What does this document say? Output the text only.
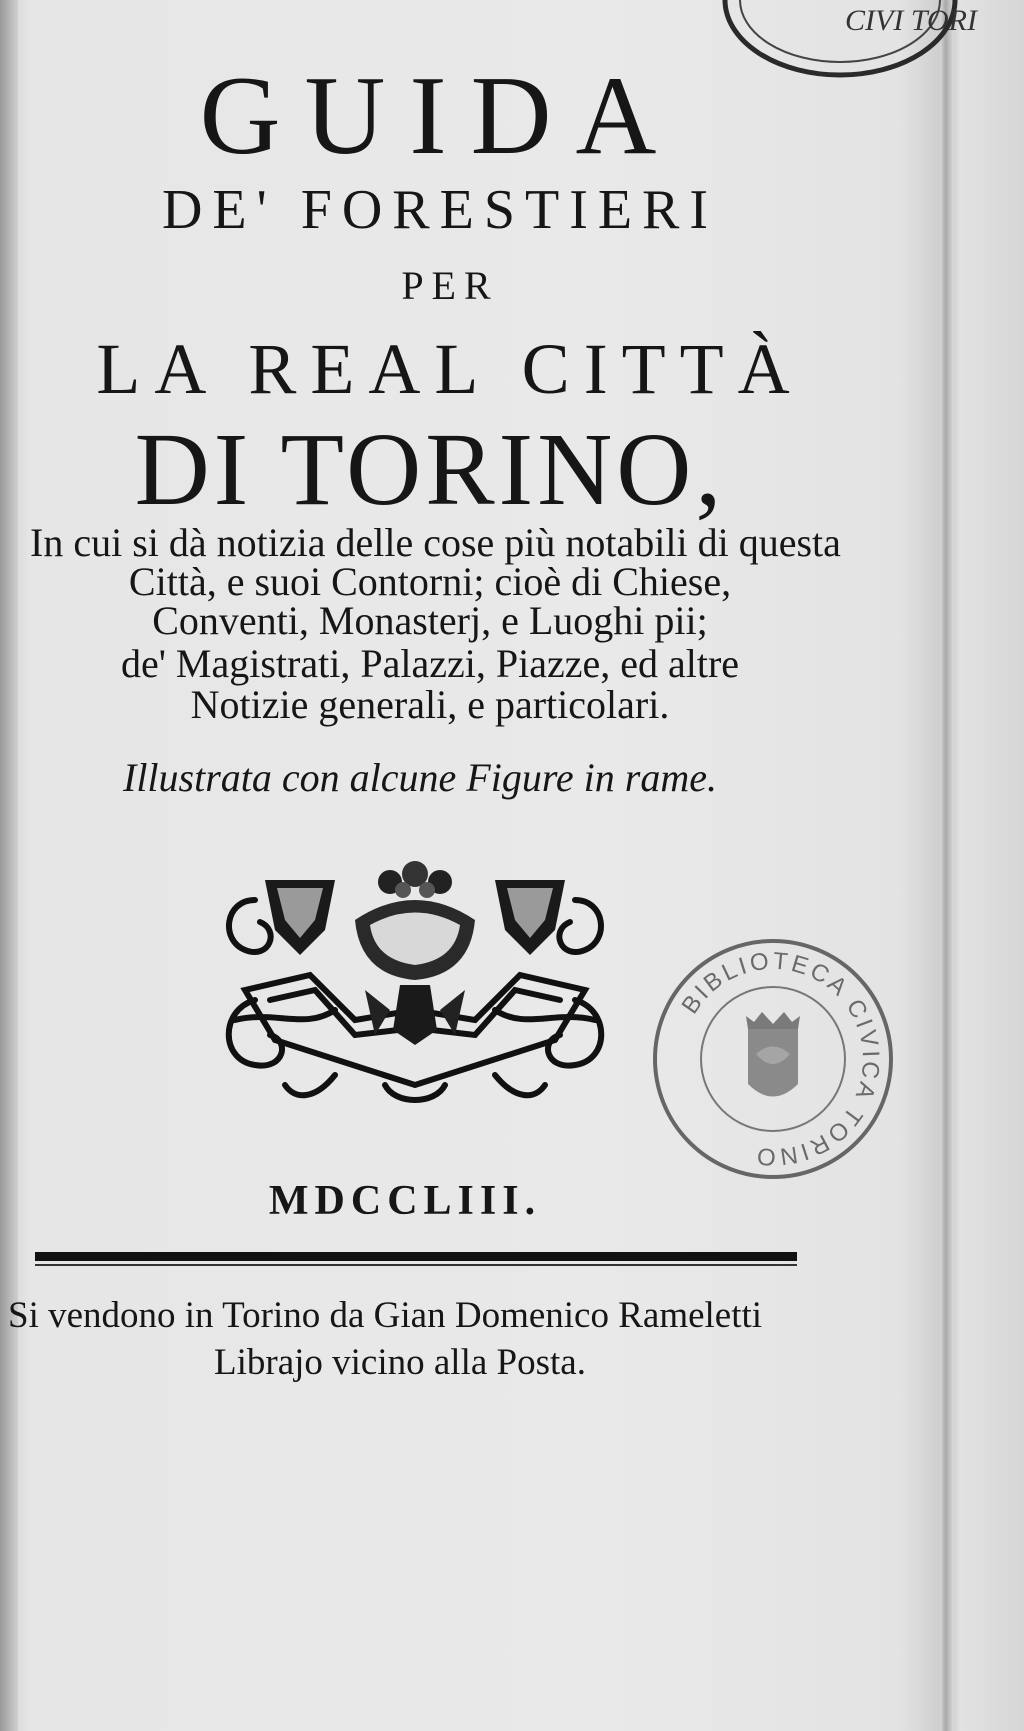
CIVI TORI
GUIDA
DE' FORESTIERI
PER
LA REAL CITTÀ
DI TORINO,
In cui si dà notizia delle cose più notabili di questa
Città, e suoi Contorni; cioè di Chiese,
Conventi, Monasterj, e Luoghi pii;
de' Magistrati, Palazzi, Piazze, ed altre
Notizie generali, e particolari.
Illustrata con alcune Figure in rame.
BIBLIOTECA CIVICA TORINO
MDCCLIII.
Si vendono in Torino da Gian Domenico Rameletti
Librajo vicino alla Posta.
